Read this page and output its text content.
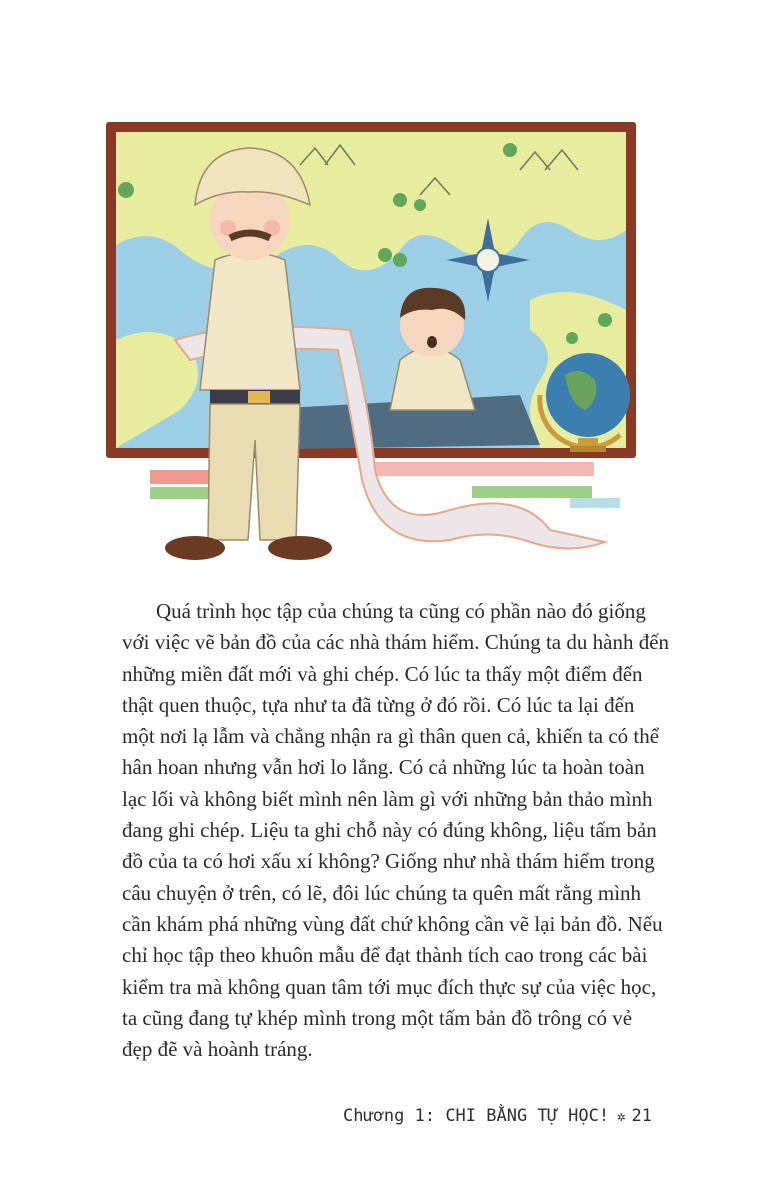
Quá trình học tập của chúng ta cũng có phần nào đó giống
với việc vẽ bản đồ của các nhà thám hiểm. Chúng ta du hành đến
những miền đất mới và ghi chép. Có lúc ta thấy một điểm đến
thật quen thuộc, tựa như ta đã từng ở đó rồi. Có lúc ta lại đến
một nơi lạ lẫm và chẳng nhận ra gì thân quen cả, khiến ta có thể
hân hoan nhưng vẫn hơi lo lắng. Có cả những lúc ta hoàn toàn
lạc lối và không biết mình nên làm gì với những bản thảo mình
đang ghi chép. Liệu ta ghi chỗ này có đúng không, liệu tấm bản
đồ của ta có hơi xấu xí không? Giống như nhà thám hiểm trong
câu chuyện ở trên, có lẽ, đôi lúc chúng ta quên mất rằng mình
cần khám phá những vùng đất chứ không cần vẽ lại bản đồ. Nếu
chỉ học tập theo khuôn mẫu để đạt thành tích cao trong các bài
kiểm tra mà không quan tâm tới mục đích thực sự của việc học,
ta cũng đang tự khép mình trong một tấm bản đồ trông có vẻ
đẹp đẽ và hoành tráng.

Chương 1: CHI BẰNG TỰ HỌC! ✲ 21
